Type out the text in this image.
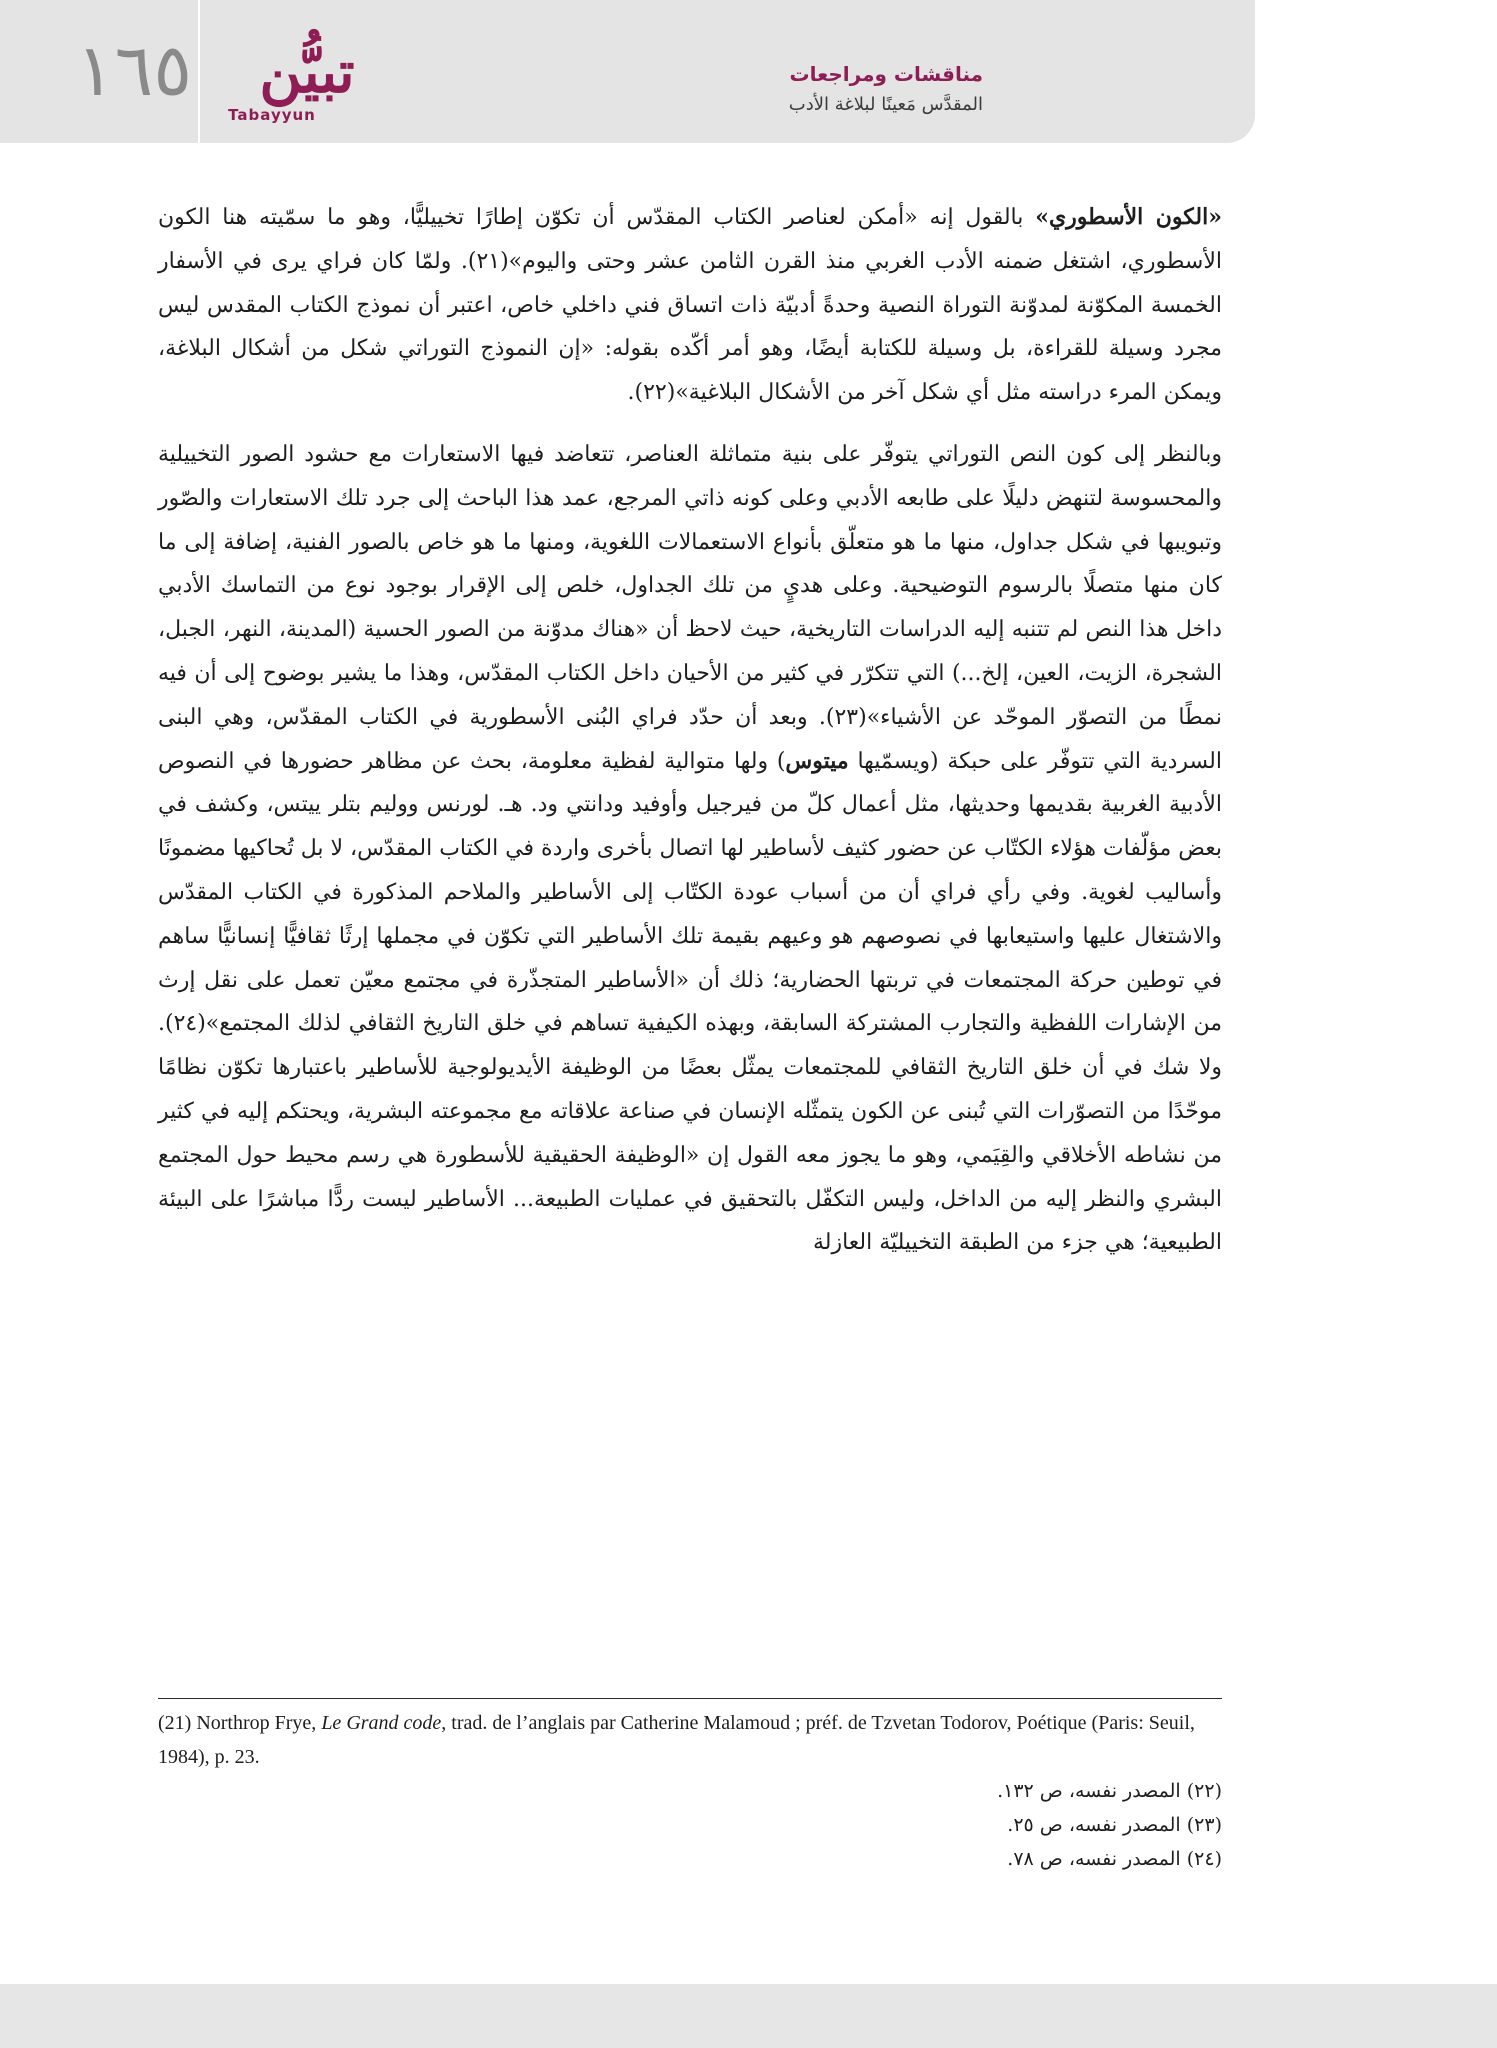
١٦٥	تبيُّن
Tabayyun

مناقشات ومراجعات

المقدَّس مَعينًا لبلاغة الأدب

«الكون الأسطوري» بالقول إنه «أمكن لعناصر الكتاب المقدّس أن تكوّن إطارًا تخييليًّا، وهو ما سمّيته هنا الكون الأسطوري، اشتغل ضمنه الأدب الغربي منذ القرن الثامن عشر وحتى واليوم»(٢١). ولمّا كان فراي يرى في الأسفار الخمسة المكوّنة لمدوّنة التوراة النصية وحدةً أدبيّة ذات اتساق فني داخلي خاص، اعتبر أن نموذج الكتاب المقدس ليس مجرد وسيلة للقراءة، بل وسيلة للكتابة أيضًا، وهو أمر أكّده بقوله: «إن النموذج التوراتي شكل من أشكال البلاغة، ويمكن المرء دراسته مثل أي شكل آخر من الأشكال البلاغية»(٢٢).

وبالنظر إلى كون النص التوراتي يتوفّر على بنية متماثلة العناصر، تتعاضد فيها الاستعارات مع حشود الصور التخييلية والمحسوسة لتنهض دليلًا على طابعه الأدبي وعلى كونه ذاتي المرجع، عمد هذا الباحث إلى جرد تلك الاستعارات والصّور وتبويبها في شكل جداول، منها ما هو متعلّق بأنواع الاستعمالات اللغوية، ومنها ما هو خاص بالصور الفنية، إضافة إلى ما كان منها متصلًا بالرسوم التوضيحية. وعلى هديٍ من تلك الجداول، خلص إلى الإقرار بوجود نوع من التماسك الأدبي داخل هذا النص لم تتنبه إليه الدراسات التاريخية، حيث لاحظ أن «هناك مدوّنة من الصور الحسية (المدينة، النهر، الجبل، الشجرة، الزيت، العين، إلخ...) التي تتكرّر في كثير من الأحيان داخل الكتاب المقدّس، وهذا ما يشير بوضوح إلى أن فيه نمطًا من التصوّر الموحّد عن الأشياء»(٢٣). وبعد أن حدّد فراي البُنى الأسطورية في الكتاب المقدّس، وهي البنى السردية التي تتوفّر على حبكة (ويسمّيها ميتوس) ولها متوالية لفظية معلومة، بحث عن مظاهر حضورها في النصوص الأدبية الغربية بقديمها وحديثها، مثل أعمال كلّ من فيرجيل وأوفيد ودانتي ود. هـ. لورنس ووليم بتلر ييتس، وكشف في بعض مؤلّفات هؤلاء الكتّاب عن حضور كثيف لأساطير لها اتصال بأخرى واردة في الكتاب المقدّس، لا بل تُحاكيها مضمونًا وأساليب لغوية. وفي رأي فراي أن من أسباب عودة الكتّاب إلى الأساطير والملاحم المذكورة في الكتاب المقدّس والاشتغال عليها واستيعابها في نصوصهم هو وعيهم بقيمة تلك الأساطير التي تكوّن في مجملها إرثًا ثقافيًّا إنسانيًّا ساهم في توطين حركة المجتمعات في تربتها الحضارية؛ ذلك أن «الأساطير المتجذّرة في مجتمع معيّن تعمل على نقل إرث من الإشارات اللفظية والتجارب المشتركة السابقة، وبهذه الكيفية تساهم في خلق التاريخ الثقافي لذلك المجتمع»(٢٤). ولا شك في أن خلق التاريخ الثقافي للمجتمعات يمثّل بعضًا من الوظيفة الأيديولوجية للأساطير باعتبارها تكوّن نظامًا موحّدًا من التصوّرات التي تُبنى عن الكون يتمثّله الإنسان في صناعة علاقاته مع مجموعته البشرية، ويحتكم إليه في كثير من نشاطه الأخلاقي والقِيَمي، وهو ما يجوز معه القول إن «الوظيفة الحقيقية للأسطورة هي رسم محيط حول المجتمع البشري والنظر إليه من الداخل، وليس التكفّل بالتحقيق في عمليات الطبيعة... الأساطير ليست ردًّا مباشرًا على البيئة الطبيعية؛ هي جزء من الطبقة التخييليّة العازلة

(21) Northrop Frye, Le Grand code, trad. de l’anglais par Catherine Malamoud ; préf. de Tzvetan Todorov, Poétique (Paris: Seuil, 1984), p. 23.
(٢٢) المصدر نفسه، ص ١٣٢.
(٢٣) المصدر نفسه، ص ٢٥.
(٢٤) المصدر نفسه، ص ٧٨.
